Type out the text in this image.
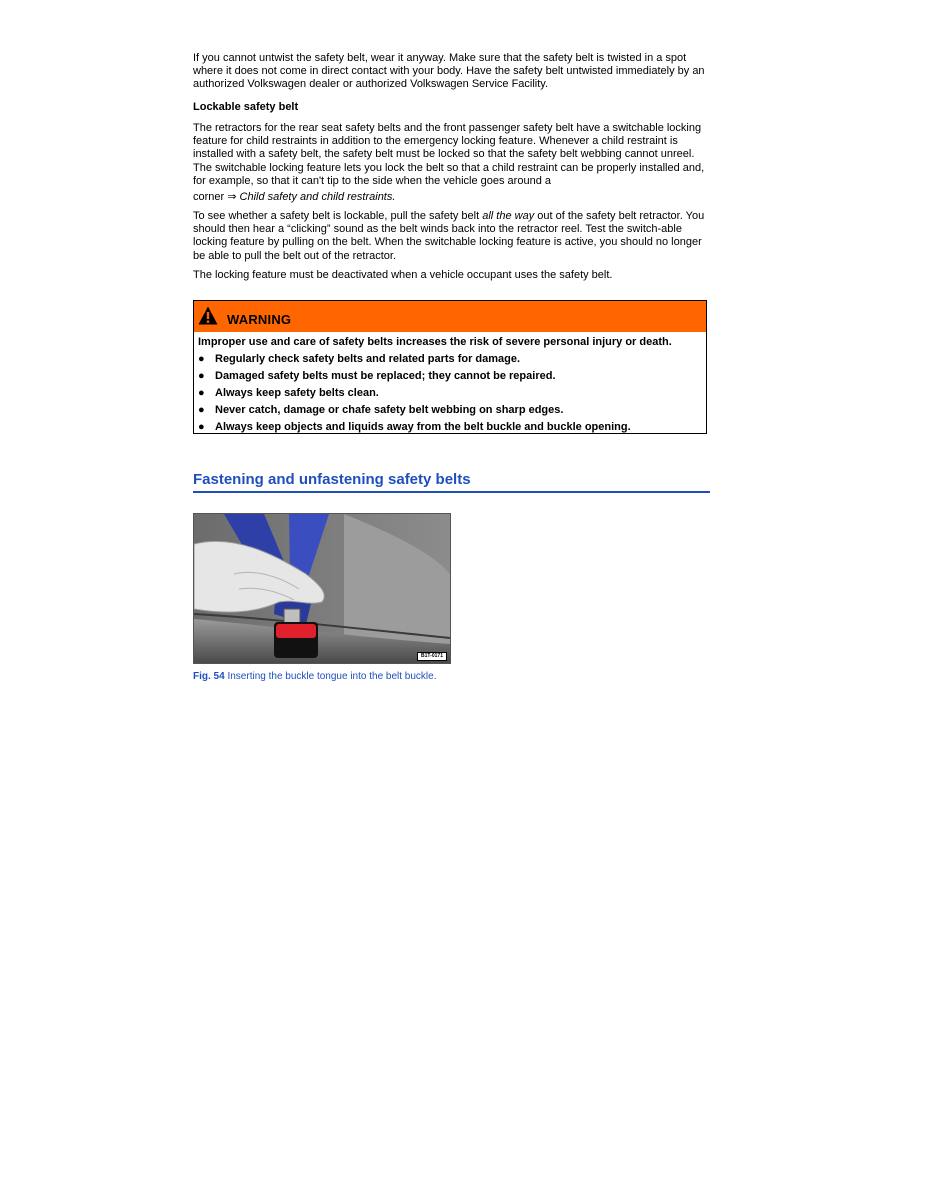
If you cannot untwist the safety belt, wear it anyway. Make sure that the safety belt is twisted in a spot where it does not come in direct contact with your body. Have the safety belt untwisted immediately by an authorized Volkswagen dealer or authorized Volkswagen Service Facility.

Lockable safety belt

The retractors for the rear seat safety belts and the front passenger safety belt have a switchable locking feature for child restraints in addition to the emergency locking feature. Whenever a child restraint is installed with a safety belt, the safety belt must be locked so that the safety belt webbing cannot unreel. The switchable locking feature lets you lock the belt so that a child restraint can be properly installed and, for example, so that it can't tip to the side when the vehicle goes around a

corner ⇒ Child safety and child restraints.

To see whether a safety belt is lockable, pull the safety belt all the way out of the safety belt retractor. You should then hear a “clicking” sound as the belt winds back into the retractor reel. Test the switch-able locking feature by pulling on the belt. When the switchable locking feature is active, you should no longer be able to pull the belt out of the retractor.

The locking feature must be deactivated when a vehicle occupant uses the safety belt.

WARNING
Improper use and care of safety belts increases the risk of severe personal injury or death.
● Regularly check safety belts and related parts for damage.
● Damaged safety belts must be replaced; they cannot be repaired.
● Always keep safety belts clean.
● Never catch, damage or chafe safety belt webbing on sharp edges.
● Always keep objects and liquids away from the belt buckle and buckle opening.
Fastening and unfastening safety belts
B1T-0171
Fig. 54 Inserting the buckle tongue into the belt buckle.
